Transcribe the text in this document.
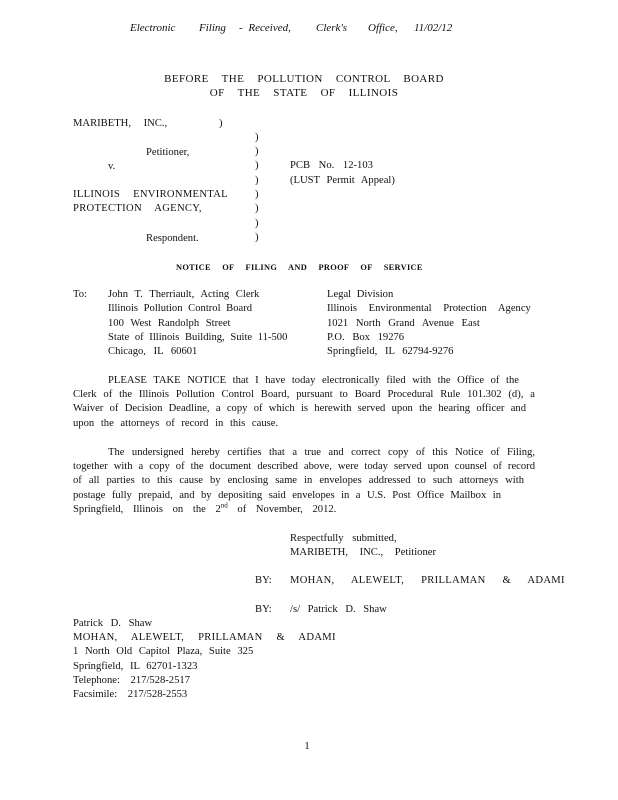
Electronic Filing - Received, Clerk's Office, 11/02/12
BEFORE THE POLLUTION CONTROL BOARD
OF THE STATE OF ILLINOIS
MARIBETH, INC.,	)
Petitioner,
v.
ILLINOIS ENVIRONMENTAL
PROTECTION AGENCY,
Respondent.
)
)
)
)
)
)
)
)
PCB No. 12-103
(LUST Permit Appeal)
NOTICE OF FILING AND PROOF OF SERVICE
To: John T. Therriault, Acting Clerk
Illinois Pollution Control Board
100 West Randolph Street
State of Illinois Building, Suite 11-500
Chicago, IL 60601
Legal Division
Illinois Environmental Protection Agency
1021 North Grand Avenue East
P.O. Box 19276
Springfield, IL 62794-9276
PLEASE TAKE NOTICE that I have today electronically filed with the Office of the
Clerk of the Illinois Pollution Control Board, pursuant to Board Procedural Rule 101.302 (d), a
Waiver of Decision Deadline, a copy of which is herewith served upon the hearing officer and
upon the attorneys of record in this cause.
The undersigned hereby certifies that a true and correct copy of this Notice of Filing,
together with a copy of the document described above, were today served upon counsel of record
of all parties to this cause by enclosing same in envelopes addressed to such attorneys with
postage fully prepaid, and by depositing said envelopes in a U.S. Post Office Mailbox in
Springfield, Illinois on the 2nd of November, 2012.
Respectfully submitted,
MARIBETH, INC., Petitioner
BY: MOHAN, ALEWELT, PRILLAMAN & ADAMI
BY: /s/ Patrick D. Shaw
Patrick D. Shaw
MOHAN, ALEWELT, PRILLAMAN & ADAMI
1 North Old Capitol Plaza, Suite 325
Springfield, IL 62701-1323
Telephone: 217/528-2517
Facsimile: 217/528-2553
1
